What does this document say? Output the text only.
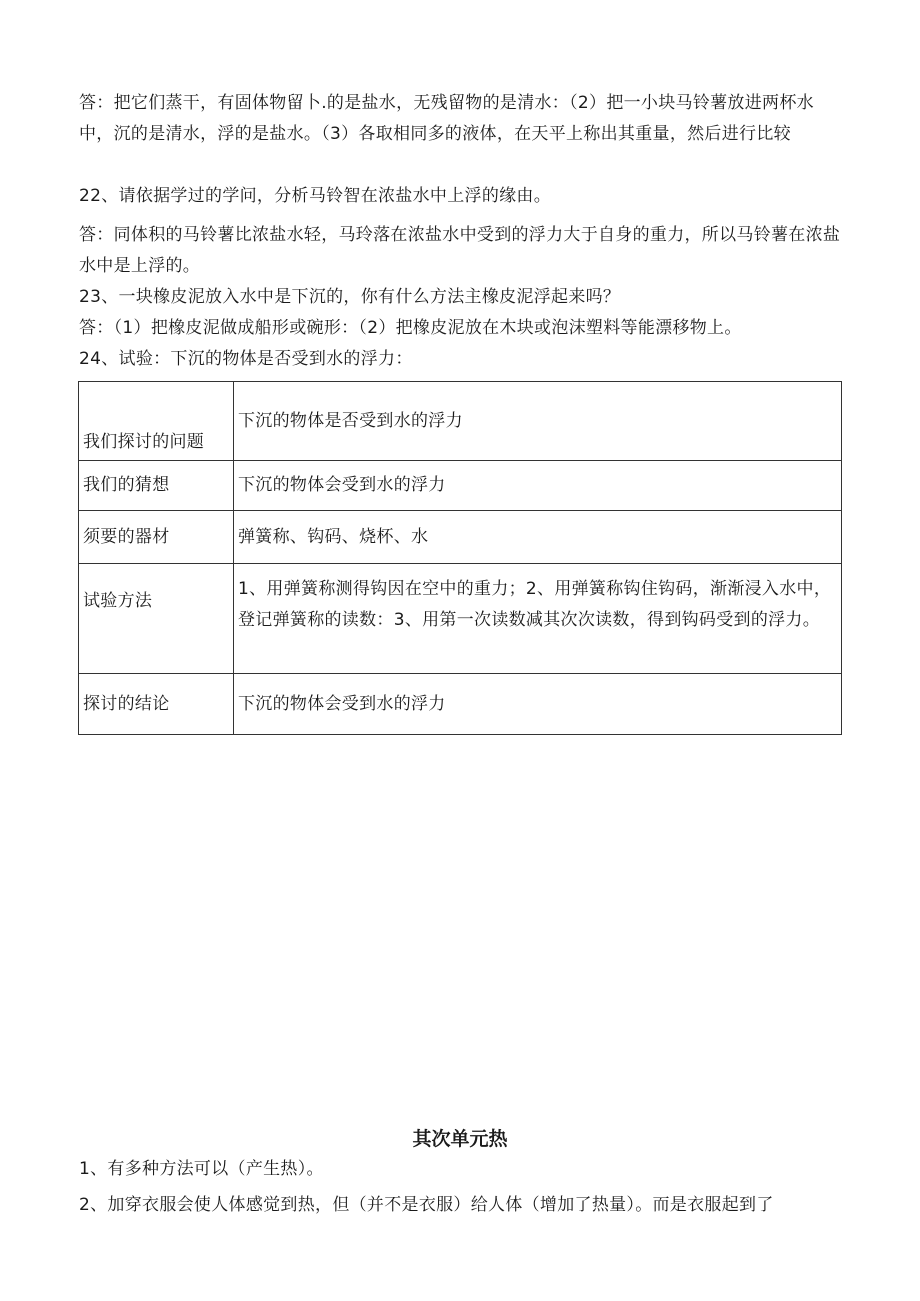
答：把它们蒸干，有固体物留卜.的是盐水，无残留物的是清水：（2）把一小块马铃薯放进两杯水中，沉的是清水，浮的是盐水。（3）各取相同多的液体，在天平上称出其重量，然后进行比较

22、请依据学过的学问，分析马铃智在浓盐水中上浮的缘由。

答：同体积的马铃薯比浓盐水轻，马玲落在浓盐水中受到的浮力大于自身的重力，所以马铃薯在浓盐水中是上浮的。

23、一块橡皮泥放入水中是下沉的，你有什么方法主橡皮泥浮起来吗？

答：（1）把橡皮泥做成船形或碗形：（2）把橡皮泥放在木块或泡沫塑料等能漂移物上。

24、试验：下沉的物体是否受到水的浮力：

我们探讨的问题	下沉的物体是否受到水的浮力
我们的猜想	下沉的物体会受到水的浮力
须要的器材	弹簧称、钩码、烧杯、水
试验方法	1、用弹簧称测得钩因在空中的重力；2、用弹簧称钩住钩码，渐渐浸入水中，登记弹簧称的读数：3、用第一次读数减其次次读数，得到钩码受到的浮力。
探讨的结论	下沉的物体会受到水的浮力
其次单元热

1、有多种方法可以（产生热）。

2、加穿衣服会使人体感觉到热，但（并不是衣服）给人体（增加了热量）。而是衣服起到了
